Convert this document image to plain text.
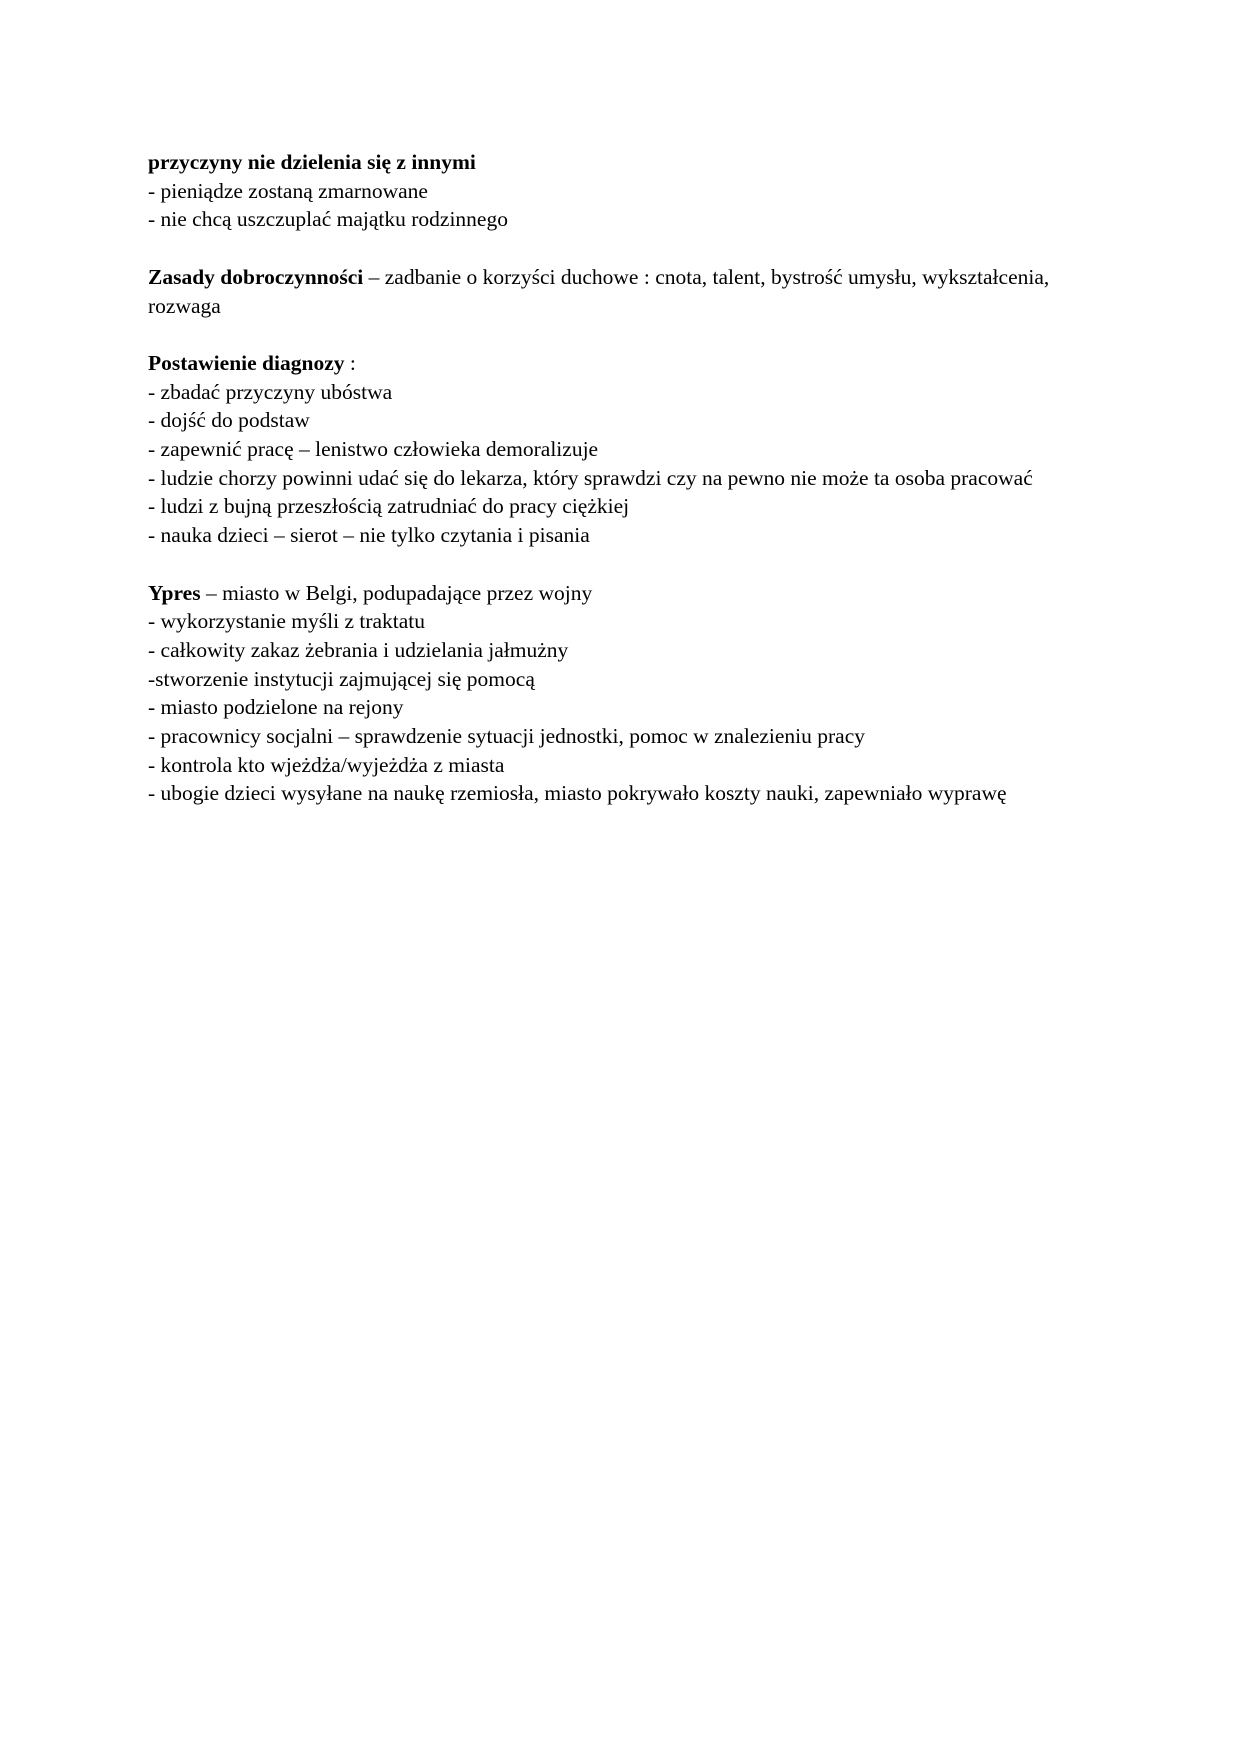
przyczyny nie dzielenia się z innymi
- pieniądze zostaną zmarnowane
- nie chcą uszczuplać majątku rodzinnego
Zasady dobroczynności – zadbanie o korzyści duchowe : cnota, talent, bystrość umysłu, wykształcenia, rozwaga
Postawienie diagnozy :
- zbadać przyczyny ubóstwa
- dojść do podstaw
- zapewnić pracę – lenistwo człowieka demoralizuje
- ludzie chorzy powinni udać się do lekarza, który sprawdzi czy na pewno nie może ta osoba pracować
- ludzi z bujną przeszłością zatrudniać do pracy ciężkiej
- nauka dzieci – sierot – nie tylko czytania i pisania
Ypres – miasto w Belgi, podupadające przez wojny
- wykorzystanie myśli z traktatu
- całkowity zakaz żebrania i udzielania jałmużny
-stworzenie instytucji zajmującej się pomocą
- miasto podzielone na rejony
- pracownicy socjalni – sprawdzenie sytuacji jednostki, pomoc w znalezieniu pracy
- kontrola kto wjeżdża/wyjeżdża z miasta
- ubogie dzieci wysyłane na naukę rzemiosła, miasto pokrywało koszty nauki, zapewniało wyprawę
